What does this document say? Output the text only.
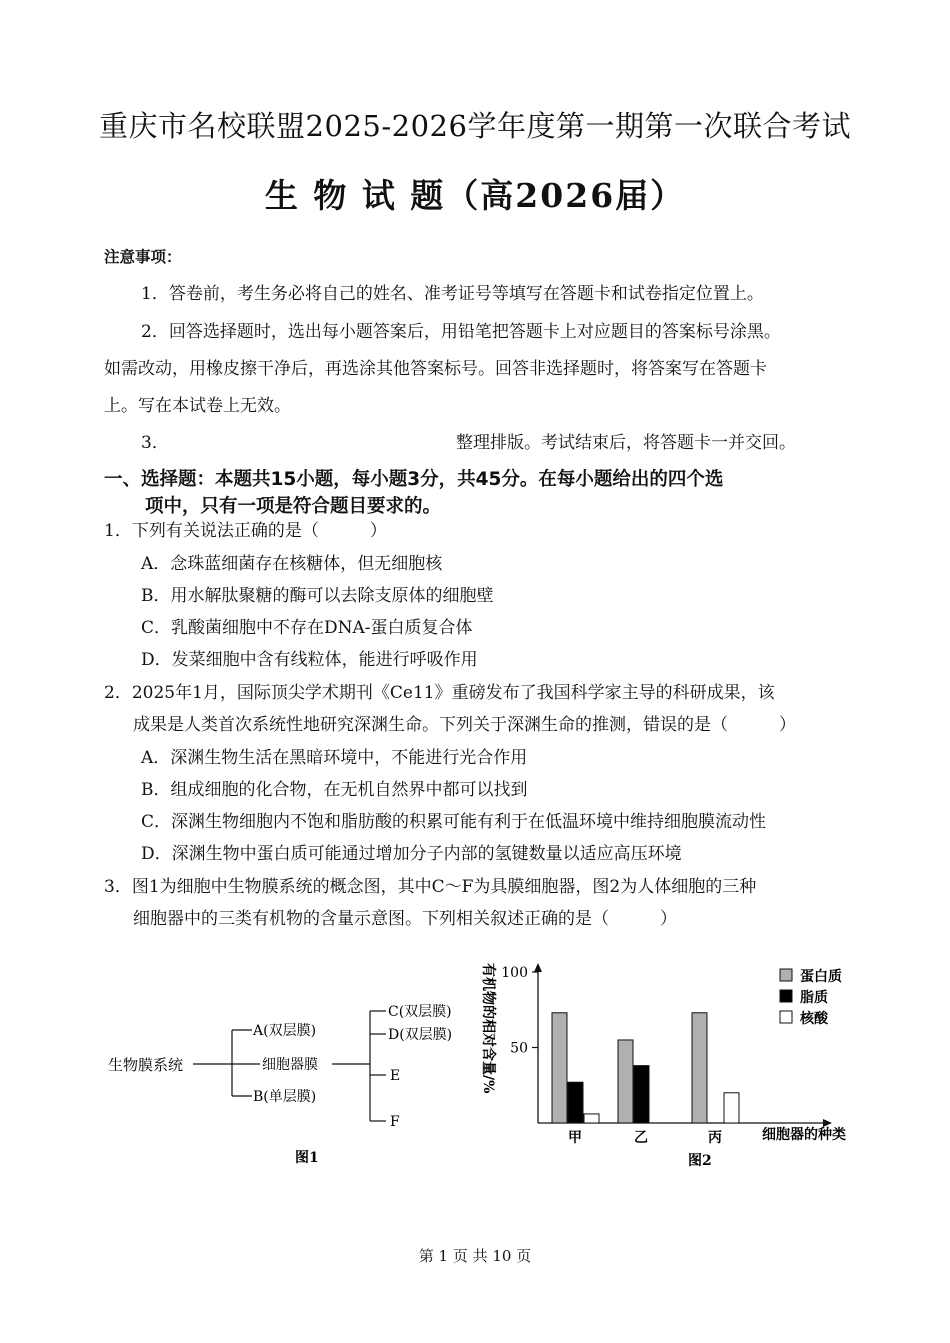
重庆市名校联盟2025-2026学年度第一期第一次联合考试
生 物 试 题（高2026届）
注意事项：
1．答卷前，考生务必将自己的姓名、准考证号等填写在答题卡和试卷指定位置上。
2．回答选择题时，选出每小题答案后，用铅笔把答题卡上对应题目的答案标号涂黑。
如需改动，用橡皮擦干净后，再选涂其他答案标号。回答非选择题时，将答案写在答题卡
上。写在本试卷上无效。
3．	整理排版。考试结束后，将答题卡一并交回。
一、选择题：本题共15小题，每小题3分，共45分。在每小题给出的四个选
项中，只有一项是符合题目要求的。
1．下列有关说法正确的是（　　　）
A．念珠蓝细菌存在核糖体，但无细胞核
B．用水解肽聚糖的酶可以去除支原体的细胞壁
C．乳酸菌细胞中不存在DNA-蛋白质复合体
D．发菜细胞中含有线粒体，能进行呼吸作用
2．2025年1月，国际顶尖学术期刊《Ce11》重磅发布了我国科学家主导的科研成果，该
成果是人类首次系统性地研究深渊生命。下列关于深渊生命的推测，错误的是（　　　）
A．深渊生物生活在黑暗环境中，不能进行光合作用
B．组成细胞的化合物，在无机自然界中都可以找到
C．深渊生物细胞内不饱和脂肪酸的积累可能有利于在低温环境中维持细胞膜流动性
D．深渊生物中蛋白质可能通过增加分子内部的氢键数量以适应高压环境
3．图1为细胞中生物膜系统的概念图，其中C～F为具膜细胞器，图2为人体细胞的三种
细胞器中的三类有机物的含量示意图。下列相关叙述正确的是（　　　）
生物膜系统
A(双层膜)
细胞器膜
B(单层膜)
C(双层膜)
D(双层膜)
E
F
图1
有机物的相对含量/%
细胞器的种类
图2
50
100
甲	乙	丙
蛋白质
脂质
核酸
第 1 页 共 10 页
